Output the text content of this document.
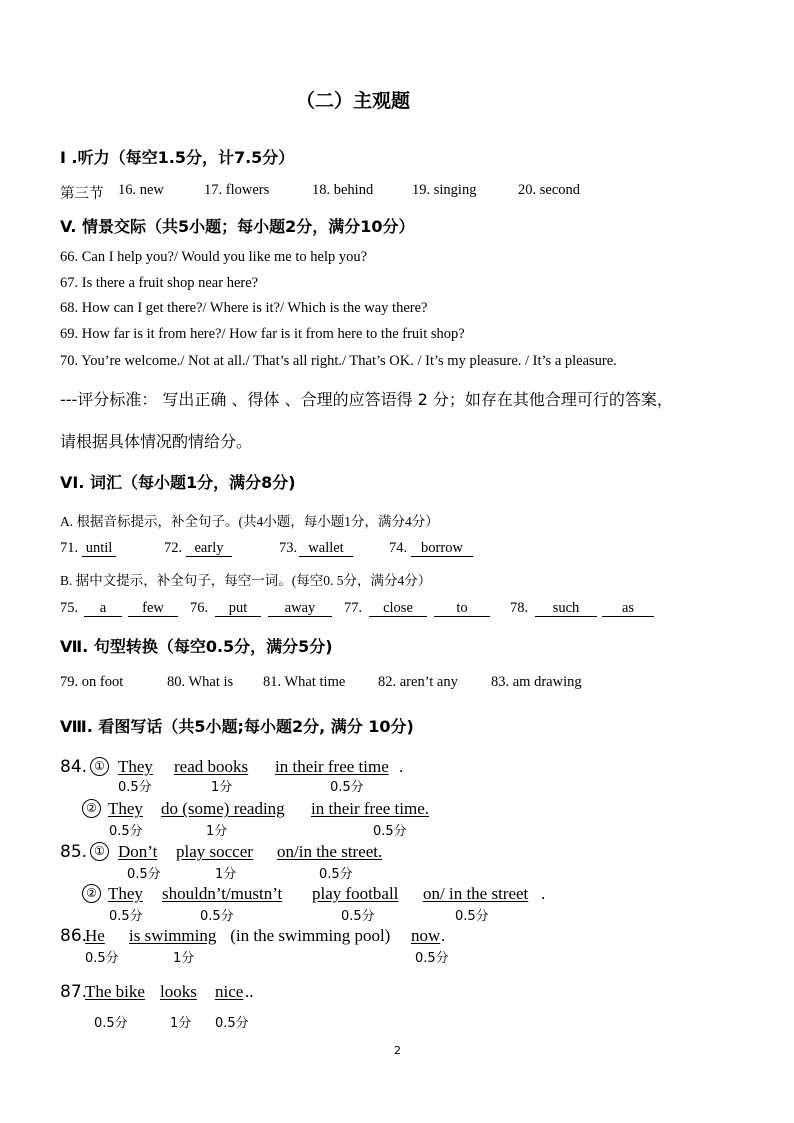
（二）主观题
I .听力（每空1.5分，计7.5分）
第三节 16. new	17. flowers	18. behind	19. singing	20. second
V. 情景交际（共5小题；每小题2分，满分10分）
66. Can I help you?/ Would you like me to help you?
67. Is there a fruit shop near here?
68. How can I get there?/ Where is it?/ Which is the way there?
69. How far is it from here?/ How far is it from here to the fruit shop?
70. You’re welcome./ Not at all./ That’s all right./ That’s OK. / It’s my pleasure. / It’s a pleasure.
---评分标准： 写出正确 、得体 、合理的应答语得 2 分；如存在其他合理可行的答案，
请根据具体情况酌情给分。
VI. 词汇（每小题1分，满分8分)
A. 根据音标提示，补全句子。(共4小题，每小题1分，满分4分）
71. until	72. early	73. wallet	74. borrow
B. 据中文提示，补全句子，每空一词。(每空0. 5分，满分4分）
75.	a	few	76.	put	away	77.	close	to	78.	such	as
Ⅶ. 句型转换（每空0.5分，满分5分)
79. on foot	80. What is 81. What time 82. aren’t any 83. am drawing
Ⅷ. 看图写话（共5小题;每小题2分, 满分 10分)
84. ① They read books in their free time .
0.5分	1分	0.5分
② They do (some) reading in their free time.
0.5分	1分	0.5分
85. ① Don’t play soccer on/in the street.
0.5分	1分	0.5分
② They shouldn’t/mustn’t play football on/ in the street .
0.5分	0.5分	0.5分	0.5分
86.
He is swimming (in the swimming pool) now .
0.5分	1分	0.5分
87.
The bike looks nice ..
0.5分	1分 0.5分
2
